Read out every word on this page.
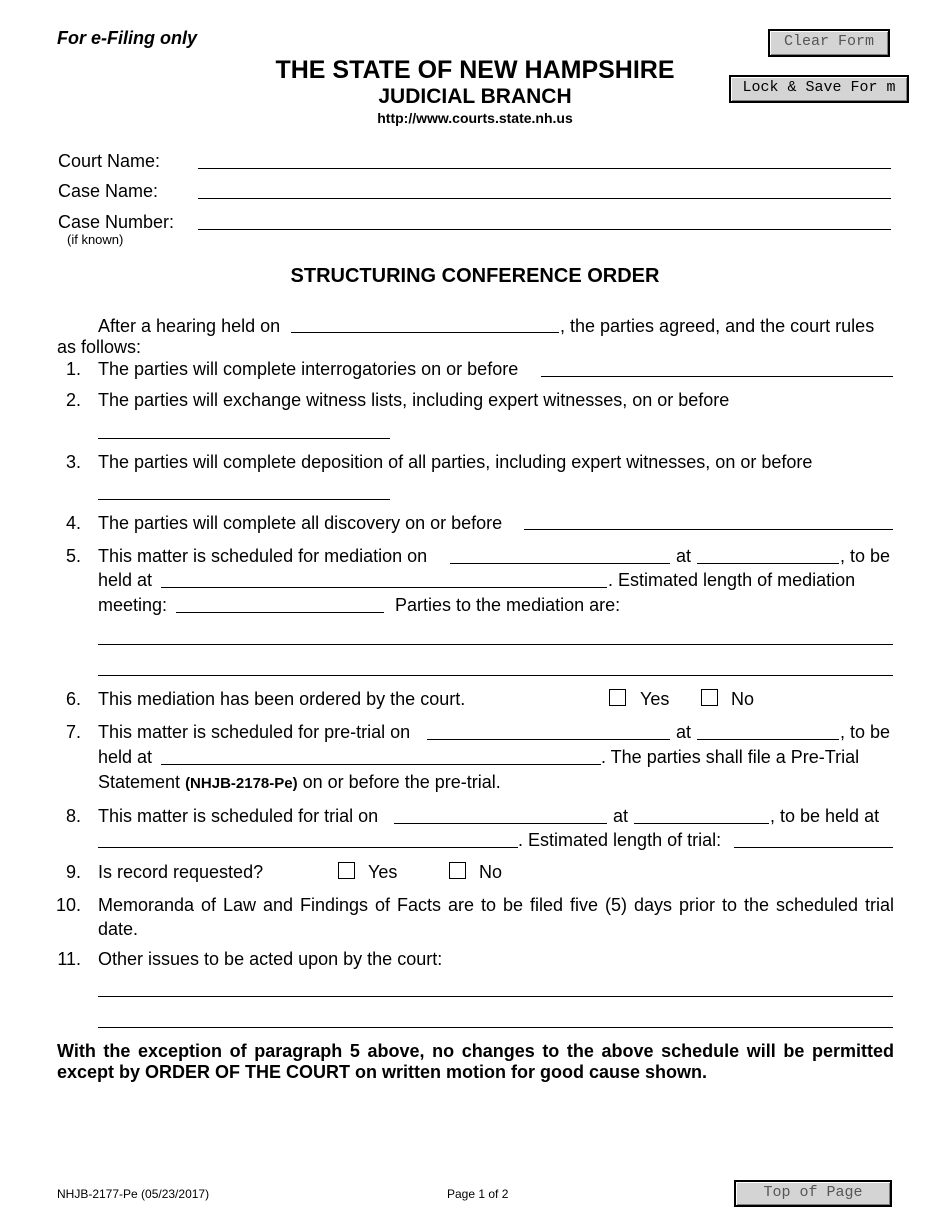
For e-Filing only
THE STATE OF NEW HAMPSHIRE
JUDICIAL BRANCH
http://www.courts.state.nh.us
Clear Form
Lock & Save For m
Court Name:
Case Name:
Case Number:
(if known)
STRUCTURING CONFERENCE ORDER
After a hearing held on	, the parties agreed, and the court rules
as follows:
1. The parties will complete interrogatories on or before
2. The parties will exchange witness lists, including expert witnesses, on or before
3. The parties will complete deposition of all parties, including expert witnesses, on or before
4. The parties will complete all discovery on or before
5. This matter is scheduled for mediation on	at	, to be
held at	. Estimated length of mediation
meeting:	Parties to the mediation are:
6. This mediation has been ordered by the court.	Yes	No
7. This matter is scheduled for pre-trial on	at	, to be
held at	. The parties shall file a Pre-Trial
Statement (NHJB-2178-Pe) on or before the pre-trial.
8. This matter is scheduled for trial on	at	, to be held at
. Estimated length of trial:
9. Is record requested?	Yes	No
10. Memoranda of Law and Findings of Facts are to be filed five (5) days prior to the scheduled trial
date.
11. Other issues to be acted upon by the court:
With the exception of paragraph 5 above, no changes to the above schedule will be permitted
except by ORDER OF THE COURT on written motion for good cause shown.
NHJB-2177-Pe (05/23/2017)	Page 1 of 2	Top of Page
